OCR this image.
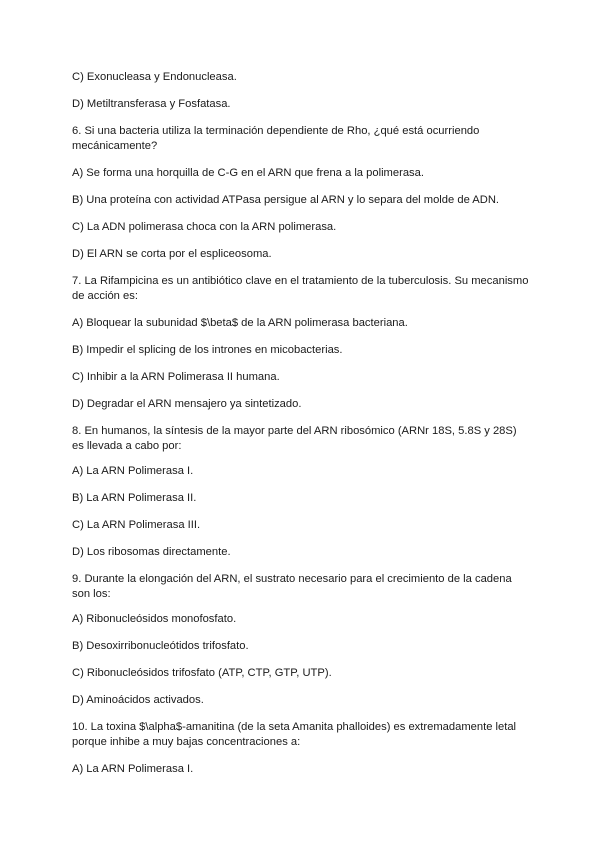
C) Exonucleasa y Endonucleasa.

D) Metiltransferasa y Fosfatasa.

6. Si una bacteria utiliza la terminación dependiente de Rho, ¿qué está ocurriendo

mecánicamente?

A) Se forma una horquilla de C-G en el ARN que frena a la polimerasa.

B) Una proteína con actividad ATPasa persigue al ARN y lo separa del molde de ADN.

C) La ADN polimerasa choca con la ARN polimerasa.

D) El ARN se corta por el espliceosoma.

7. La Rifampicina es un antibiótico clave en el tratamiento de la tuberculosis. Su mecanismo

de acción es:

A) Bloquear la subunidad $\beta$ de la ARN polimerasa bacteriana.

B) Impedir el splicing de los intrones en micobacterias.

C) Inhibir a la ARN Polimerasa II humana.

D) Degradar el ARN mensajero ya sintetizado.

8. En humanos, la síntesis de la mayor parte del ARN ribosómico (ARNr 18S, 5.8S y 28S)

es llevada a cabo por:

A) La ARN Polimerasa I.

B) La ARN Polimerasa II.

C) La ARN Polimerasa III.

D) Los ribosomas directamente.

9. Durante la elongación del ARN, el sustrato necesario para el crecimiento de la cadena

son los:

A) Ribonucleósidos monofosfato.

B) Desoxirribonucleótidos trifosfato.

C) Ribonucleósidos trifosfato (ATP, CTP, GTP, UTP).

D) Aminoácidos activados.

10. La toxina $\alpha$-amanitina (de la seta Amanita phalloides) es extremadamente letal

porque inhibe a muy bajas concentraciones a:

A) La ARN Polimerasa I.
